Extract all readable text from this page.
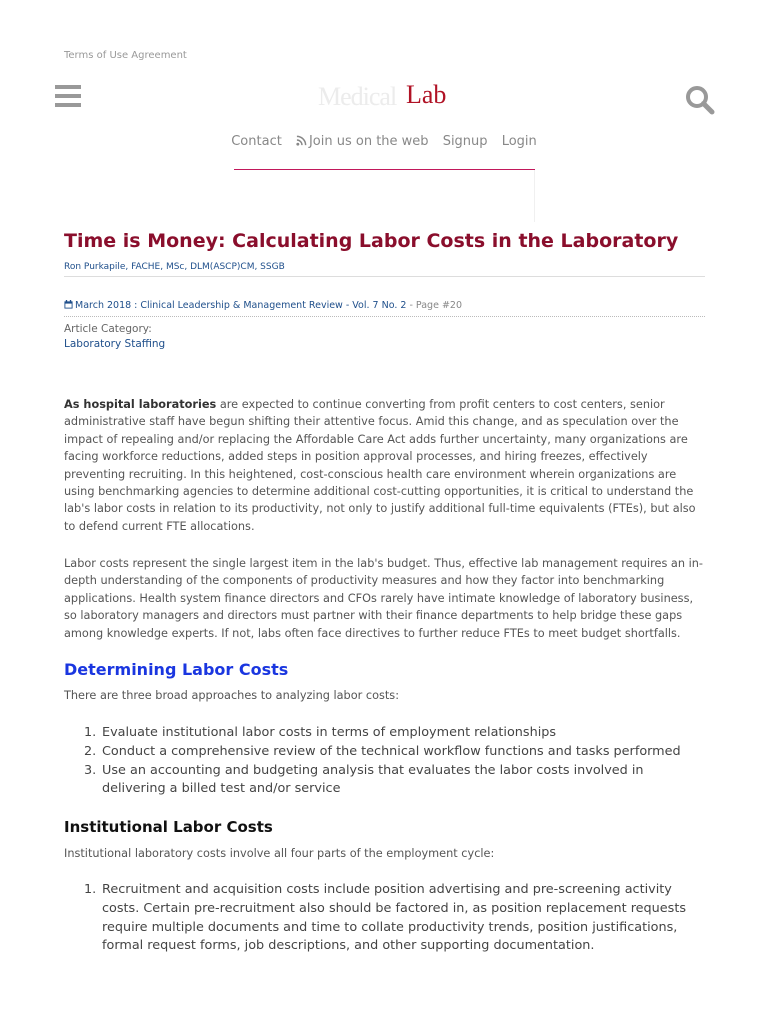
Terms of Use Agreement
Medical Lab
Contact Join us on the web Signup Login
Time is Money: Calculating Labor Costs in the Laboratory
Ron Purkapile, FACHE, MSc, DLM(ASCP)CM, SSGB
March 2018 : Clinical Leadership & Management Review - Vol. 7 No. 2 - Page #20
Article Category:
Laboratory Staffing

As hospital laboratories are expected to continue converting from profit centers to cost centers, senior administrative staff have begun shifting their attentive focus. Amid this change, and as speculation over the impact of repealing and/or replacing the Affordable Care Act adds further uncertainty, many organizations are facing workforce reductions, added steps in position approval processes, and hiring freezes, effectively preventing recruiting. In this heightened, cost-conscious health care environment wherein organizations are using benchmarking agencies to determine additional cost-cutting opportunities, it is critical to understand the lab's labor costs in relation to its productivity, not only to justify additional full-time equivalents (FTEs), but also to defend current FTE allocations.

Labor costs represent the single largest item in the lab's budget. Thus, effective lab management requires an in-depth understanding of the components of productivity measures and how they factor into benchmarking applications. Health system finance directors and CFOs rarely have intimate knowledge of laboratory business, so laboratory managers and directors must partner with their finance departments to help bridge these gaps among knowledge experts. If not, labs often face directives to further reduce FTEs to meet budget shortfalls.

Determining Labor Costs

There are three broad approaches to analyzing labor costs:

1. Evaluate institutional labor costs in terms of employment relationships
2. Conduct a comprehensive review of the technical workflow functions and tasks performed
3. Use an accounting and budgeting analysis that evaluates the labor costs involved in delivering a billed test and/or service
Institutional Labor Costs

Institutional laboratory costs involve all four parts of the employment cycle:

1. Recruitment and acquisition costs include position advertising and pre-screening activity costs. Certain pre-recruitment also should be factored in, as position replacement requests require multiple documents and time to collate productivity trends, position justifications, formal request forms, job descriptions, and other supporting documentation.
